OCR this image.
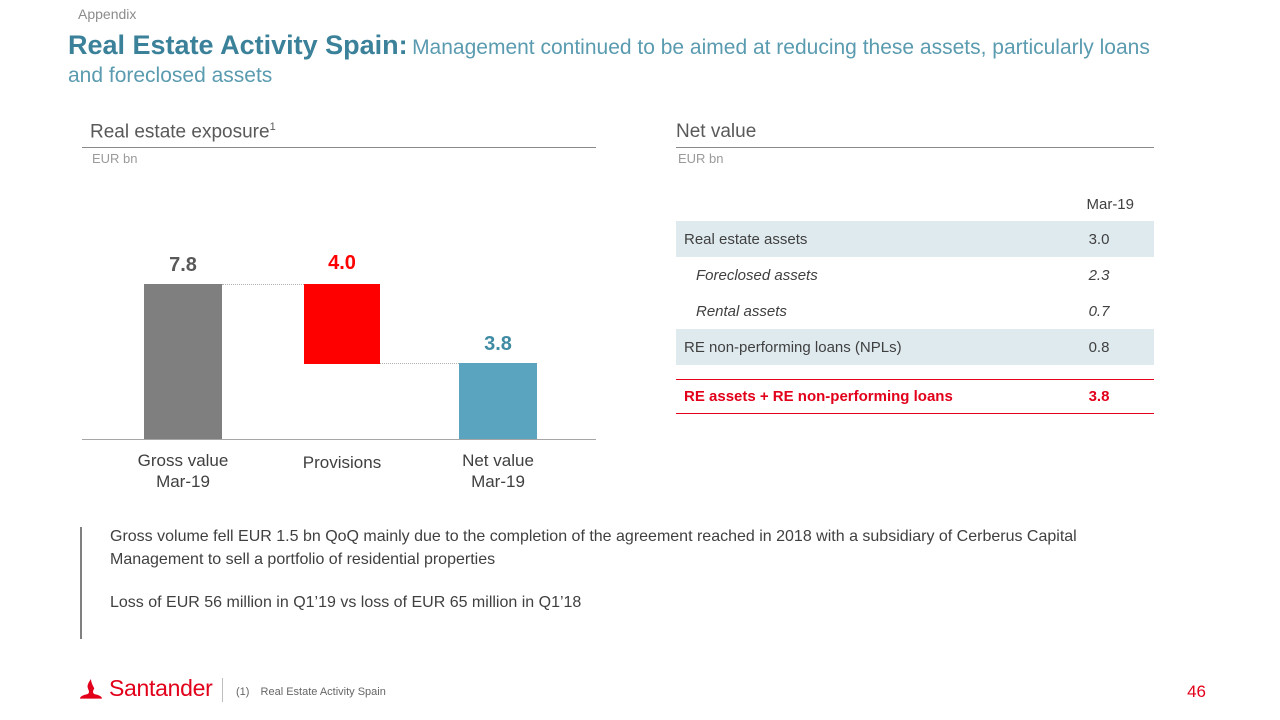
Appendix
Real Estate Activity Spain: Management continued to be aimed at reducing these assets, particularly loans and foreclosed assets
Real estate exposure$^1$
EUR bn
Net value
EUR bn
7.8	4.0
3.8
Gross value
Mar-19
Provisions	Net value
Mar-19
Mar-19
Real estate assets	3.0
Foreclosed assets	2.3
Rental assets	0.7
RE non-performing loans (NPLs)	0.8
RE assets + RE non-performing loans	3.8

Gross volume fell EUR 1.5 bn QoQ mainly due to the completion of the agreement reached in 2018 with a subsidiary of Cerberus Capital Management to sell a portfolio of residential properties

Loss of EUR 56 million in Q1’19 vs loss of EUR 65 million in Q1’18

Santander (1) Real Estate Activity Spain	46
